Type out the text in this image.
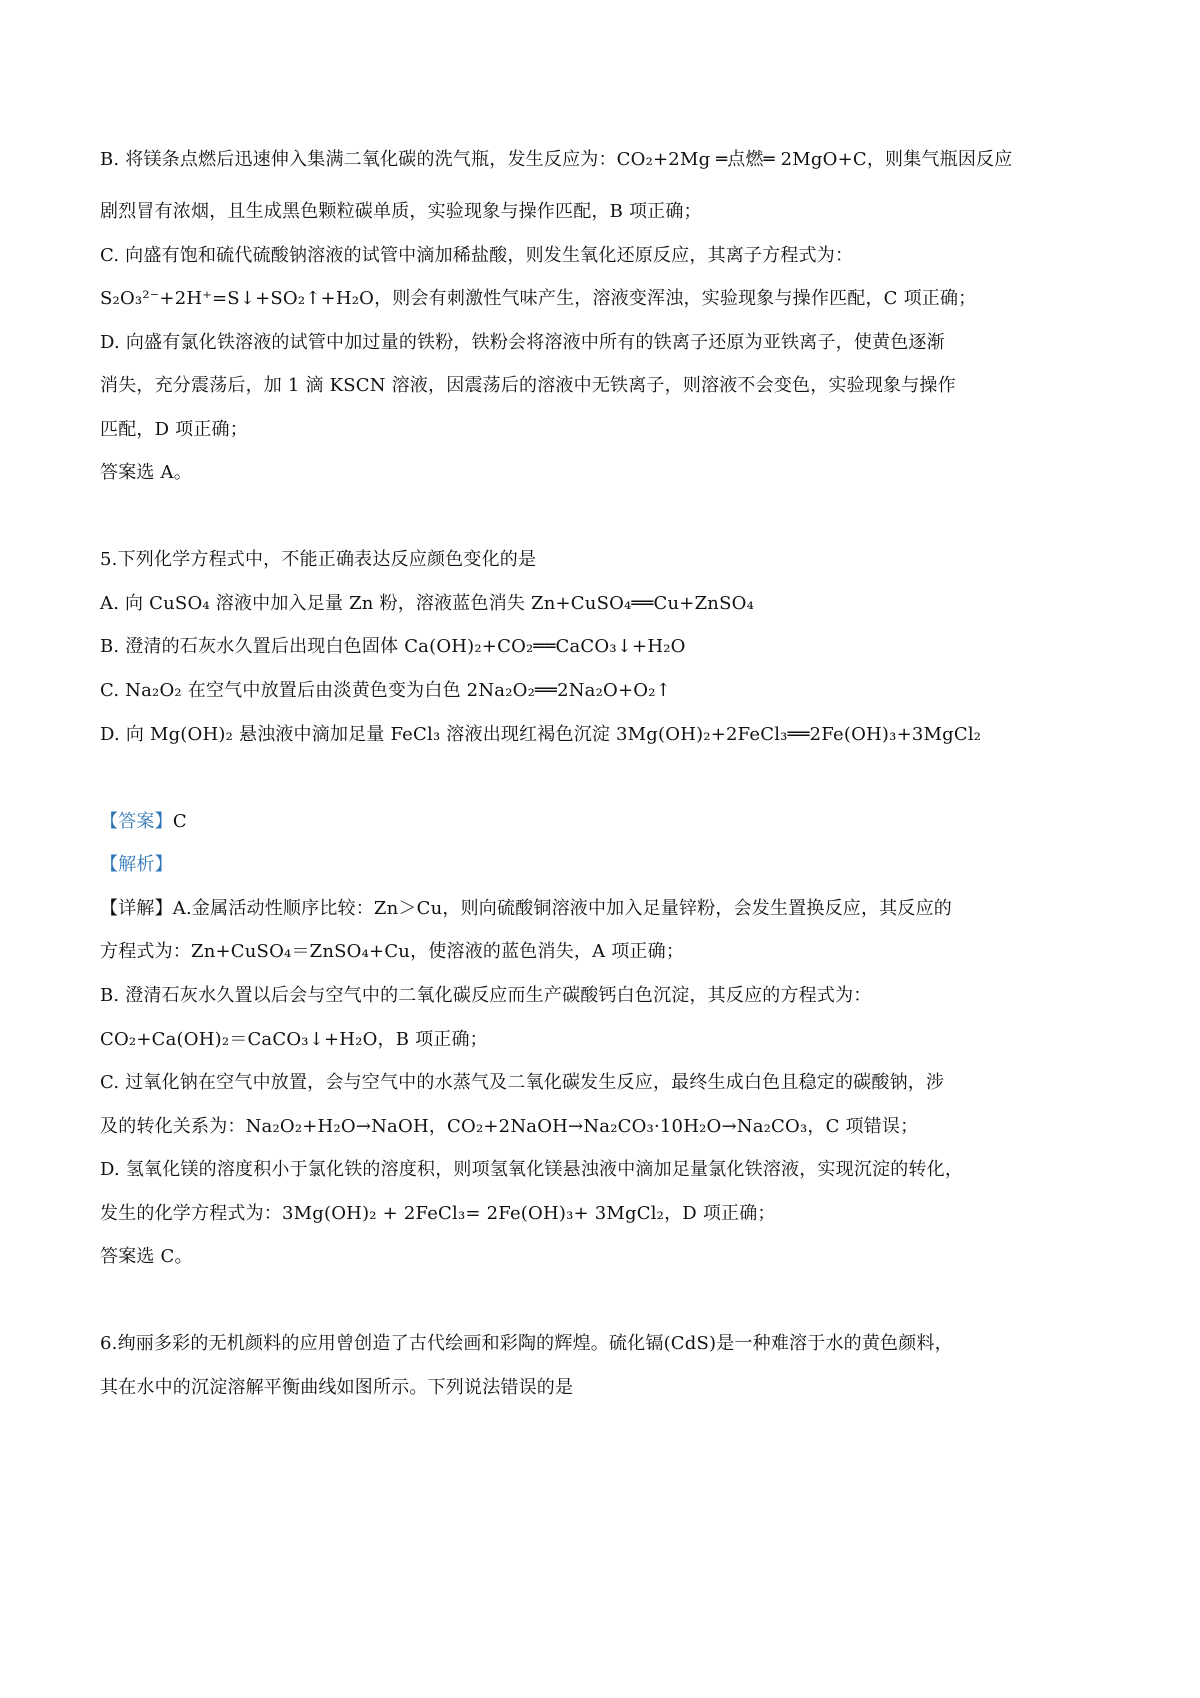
B. 将镁条点燃后迅速伸入集满二氧化碳的洗气瓶，发生反应为：CO₂+2Mg ═点燃═ 2MgO+C，则集气瓶因反应
剧烈冒有浓烟，且生成黑色颗粒碳单质，实验现象与操作匹配，B 项正确；
C. 向盛有饱和硫代硫酸钠溶液的试管中滴加稀盐酸，则发生氧化还原反应，其离子方程式为：
S₂O₃²⁻+2H⁺=S↓+SO₂↑+H₂O，则会有刺激性气味产生，溶液变浑浊，实验现象与操作匹配，C 项正确；
D. 向盛有氯化铁溶液的试管中加过量的铁粉，铁粉会将溶液中所有的铁离子还原为亚铁离子，使黄色逐渐
消失，充分震荡后，加 1 滴 KSCN 溶液，因震荡后的溶液中无铁离子，则溶液不会变色，实验现象与操作
匹配，D 项正确；
答案选 A。
5.下列化学方程式中，不能正确表达反应颜色变化的是
A. 向 CuSO₄ 溶液中加入足量 Zn 粉，溶液蓝色消失 Zn+CuSO₄══Cu+ZnSO₄
B. 澄清的石灰水久置后出现白色固体 Ca(OH)₂+CO₂══CaCO₃↓+H₂O
C. Na₂O₂ 在空气中放置后由淡黄色变为白色 2Na₂O₂══2Na₂O+O₂↑
D. 向 Mg(OH)₂ 悬浊液中滴加足量 FeCl₃ 溶液出现红褐色沉淀 3Mg(OH)₂+2FeCl₃══2Fe(OH)₃+3MgCl₂
【答案】C
【解析】
【详解】A.金属活动性顺序比较：Zn＞Cu，则向硫酸铜溶液中加入足量锌粉，会发生置换反应，其反应的
方程式为：Zn+CuSO₄＝ZnSO₄+Cu，使溶液的蓝色消失，A 项正确；
B. 澄清石灰水久置以后会与空气中的二氧化碳反应而生产碳酸钙白色沉淀，其反应的方程式为：
CO₂+Ca(OH)₂＝CaCO₃↓+H₂O，B 项正确；
C. 过氧化钠在空气中放置，会与空气中的水蒸气及二氧化碳发生反应，最终生成白色且稳定的碳酸钠，涉
及的转化关系为：Na₂O₂+H₂O→NaOH，CO₂+2NaOH→Na₂CO₃·10H₂O→Na₂CO₃，C 项错误；
D. 氢氧化镁的溶度积小于氯化铁的溶度积，则项氢氧化镁悬浊液中滴加足量氯化铁溶液，实现沉淀的转化，
发生的化学方程式为：3Mg(OH)₂ + 2FeCl₃= 2Fe(OH)₃+ 3MgCl₂，D 项正确；
答案选 C。
6.绚丽多彩的无机颜料的应用曾创造了古代绘画和彩陶的辉煌。硫化镉(CdS)是一种难溶于水的黄色颜料，
其在水中的沉淀溶解平衡曲线如图所示。下列说法错误的是
